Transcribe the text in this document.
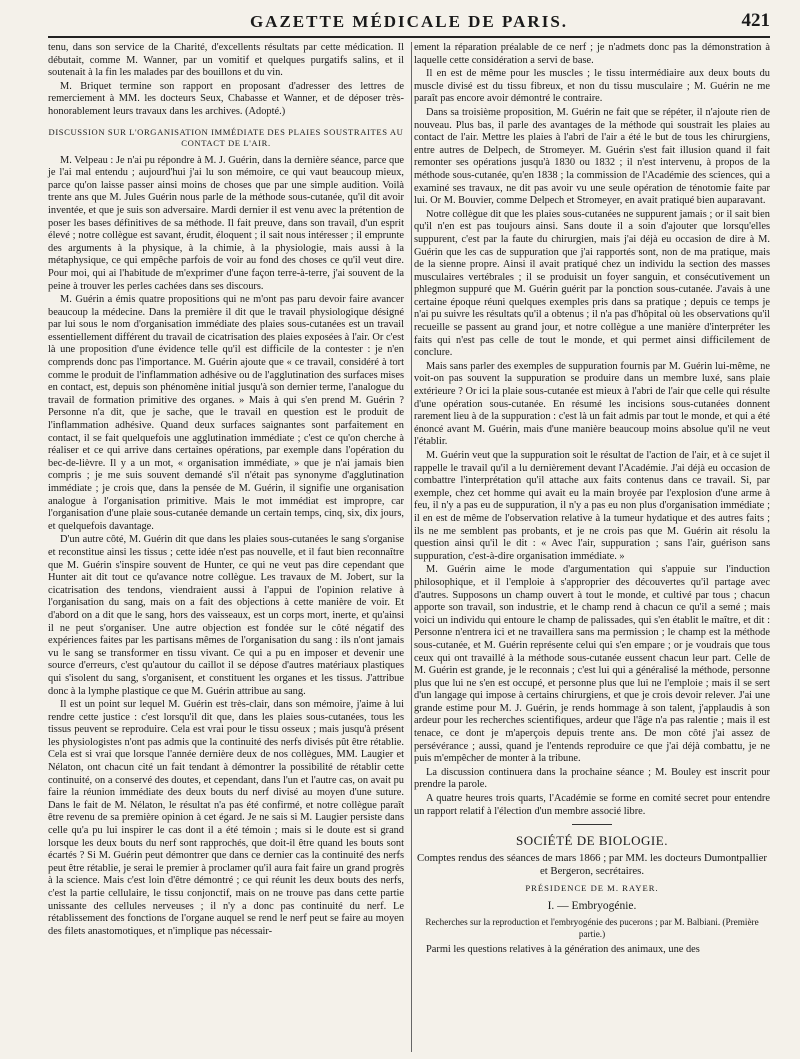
GAZETTE MÉDICALE DE PARIS.	421

tenu, dans son service de la Charité, d'excellents résultats par cette médication. Il débutait, comme M. Wanner, par un vomitif et quelques purgatifs salins, et il soutenait à la fin les malades par des bouillons et du vin.

M. Briquet termine son rapport en proposant d'adresser des lettres de remerciement à MM. les docteurs Seux, Chabasse et Wanner, et de déposer très-honorablement leurs travaux dans les archives. (Adopté.)

DISCUSSION SUR L'ORGANISATION IMMÉDIATE DES PLAIES SOUSTRAITES AU CONTACT DE L'AIR.

M. Velpeau : Je n'ai pu répondre à M. J. Guérin, dans la dernière séance, parce que je l'ai mal entendu ; aujourd'hui j'ai lu son mémoire, ce qui vaut beaucoup mieux, parce qu'on laisse passer ainsi moins de choses que par une simple audition. Voilà trente ans que M. Jules Guérin nous parle de la méthode sous-cutanée, qu'il dit avoir inventée, et que je suis son adversaire. Mardi dernier il est venu avec la prétention de poser les bases définitives de sa méthode. Il fait preuve, dans son travail, d'un esprit élevé ; notre collègue est savant, érudit, éloquent ; il sait nous intéresser ; il emprunte des arguments à la physique, à la chimie, à la physiologie, mais aussi à la métaphysique, ce qui empêche parfois de voir au fond des choses ce qu'il veut dire. Pour moi, qui ai l'habitude de m'exprimer d'une façon terre-à-terre, j'ai souvent de la peine à trouver les perles cachées dans ses discours.

M. Guérin a émis quatre propositions qui ne m'ont pas paru devoir faire avancer beaucoup la médecine. Dans la première il dit que le travail physiologique désigné par lui sous le nom d'organisation immédiate des plaies sous-cutanées est un travail essentiellement différent du travail de cicatrisation des plaies exposées à l'air. Or c'est là une proposition d'une évidence telle qu'il est difficile de la contester : je n'en comprends donc pas l'importance. M. Guérin ajoute que « ce travail, considéré à tort comme le produit de l'inflammation adhésive ou de l'agglutination des surfaces mises en contact, est, depuis son phénomène initial jusqu'à son dernier terme, l'analogue du travail de formation primitive des organes. » Mais à qui s'en prend M. Guérin ? Personne n'a dit, que je sache, que le travail en question est le produit de l'inflammation adhésive. Quand deux surfaces saignantes sont parfaitement en contact, il se fait quelquefois une agglutination immédiate ; c'est ce qu'on cherche à réaliser et ce qui arrive dans certaines opérations, par exemple dans l'opération du bec-de-lièvre. Il y a un mot, « organisation immédiate, » que je n'ai jamais bien compris ; je me suis souvent demandé s'il n'était pas synonyme d'agglutination immédiate ; je crois que, dans la pensée de M. Guérin, il signifie une organisation analogue à l'organisation primitive. Mais le mot immédiat est impropre, car l'organisation d'une plaie sous-cutanée demande un certain temps, cinq, six, dix jours, et quelquefois davantage.

D'un autre côté, M. Guérin dit que dans les plaies sous-cutanées le sang s'organise et reconstitue ainsi les tissus ; cette idée n'est pas nouvelle, et il faut bien reconnaître que M. Guérin s'inspire souvent de Hunter, ce qui ne veut pas dire cependant que Hunter ait dit tout ce qu'avance notre collègue. Les travaux de M. Jobert, sur la cicatrisation des tendons, viendraient aussi à l'appui de l'opinion relative à l'organisation du sang, mais on a fait des objections à cette manière de voir. Et d'abord on a dit que le sang, hors des vaisseaux, est un corps mort, inerte, et qu'ainsi il ne peut s'organiser. Une autre objection est fondée sur le côté négatif des expériences faites par les partisans mêmes de l'organisation du sang : ils n'ont jamais vu le sang se transformer en tissu vivant. Ce qui a pu en imposer et devenir une source d'erreurs, c'est qu'autour du caillot il se dépose d'autres matériaux plastiques qui s'isolent du sang, s'organisent, et constituent les organes et les tissus. J'attribue donc à la lymphe plastique ce que M. Guérin attribue au sang.

Il est un point sur lequel M. Guérin est très-clair, dans son mémoire, j'aime à lui rendre cette justice : c'est lorsqu'il dit que, dans les plaies sous-cutanées, tous les tissus peuvent se reproduire. Cela est vrai pour le tissu osseux ; mais jusqu'à présent les physiologistes n'ont pas admis que la continuité des nerfs divisés pût être rétablie. Cela est si vrai que lorsque l'année dernière deux de nos collègues, MM. Laugier et Nélaton, ont chacun cité un fait tendant à démontrer la possibilité de rétablir cette continuité, on a conservé des doutes, et cependant, dans l'un et l'autre cas, on avait pu faire la réunion immédiate des deux bouts du nerf divisé au moyen d'une suture. Dans le fait de M. Nélaton, le résultat n'a pas été confirmé, et notre collègue paraît être revenu de sa première opinion à cet égard. Je ne sais si M. Laugier persiste dans celle qu'a pu lui inspirer le cas dont il a été témoin ; mais si le doute est si grand lorsque les deux bouts du nerf sont rapprochés, que doit-il être quand les bouts sont écartés ? Si M. Guérin peut démontrer que dans ce dernier cas la continuité des nerfs peut être rétablie, je serai le premier à proclamer qu'il aura fait faire un grand progrès à la science. Mais c'est loin d'être démontré ; ce qui réunit les deux bouts des nerfs, c'est la partie cellulaire, le tissu conjonctif, mais on ne trouve pas dans cette partie unissante des cellules nerveuses ; il n'y a donc pas continuité du nerf. Le rétablissement des fonctions de l'organe auquel se rend le nerf peut se faire au moyen des filets anastomotiques, et n'implique pas nécessair-

ement la réparation préalable de ce nerf ; je n'admets donc pas la démonstration à laquelle cette considération a servi de base.

Il en est de même pour les muscles ; le tissu intermédiaire aux deux bouts du muscle divisé est du tissu fibreux, et non du tissu musculaire ; M. Guérin ne me paraît pas encore avoir démontré le contraire.

Dans sa troisième proposition, M. Guérin ne fait que se répéter, il n'ajoute rien de nouveau. Plus bas, il parle des avantages de la méthode qui soustrait les plaies au contact de l'air. Mettre les plaies à l'abri de l'air a été le but de tous les chirurgiens, entre autres de Delpech, de Stromeyer. M. Guérin s'est fait illusion quand il fait remonter ses opérations jusqu'à 1830 ou 1832 ; il n'est intervenu, à propos de la méthode sous-cutanée, qu'en 1838 ; la commission de l'Académie des sciences, qui a examiné ses travaux, ne dit pas avoir vu une seule opération de ténotomie faite par lui. Or M. Bouvier, comme Delpech et Stromeyer, en avait pratiqué bien auparavant.

Notre collègue dit que les plaies sous-cutanées ne suppurent jamais ; or il sait bien qu'il n'en est pas toujours ainsi. Sans doute il a soin d'ajouter que lorsqu'elles suppurent, c'est par la faute du chirurgien, mais j'ai déjà eu occasion de dire à M. Guérin que les cas de suppuration que j'ai rapportés sont, non de ma pratique, mais de la sienne propre. Ainsi il avait pratiqué chez un individu la section des masses musculaires vertébrales ; il se produisit un foyer sanguin, et consécutivement un phlegmon suppuré que M. Guérin guérit par la ponction sous-cutanée. J'avais à une certaine époque réuni quelques exemples pris dans sa pratique ; depuis ce temps je n'ai pu suivre les résultats qu'il a obtenus ; il n'a pas d'hôpital où les observations qu'il recueille se passent au grand jour, et notre collègue a une manière d'interpréter les faits qui n'est pas celle de tout le monde, et qui permet ainsi difficilement de conclure.

Mais sans parler des exemples de suppuration fournis par M. Guérin lui-même, ne voit-on pas souvent la suppuration se produire dans un membre luxé, sans plaie extérieure ? Or ici la plaie sous-cutanée est mieux à l'abri de l'air que celle qui résulte d'une opération sous-cutanée. En résumé les incisions sous-cutanées donnent rarement lieu à de la suppuration : c'est là un fait admis par tout le monde, et qui a été énoncé avant M. Guérin, mais d'une manière beaucoup moins absolue qu'il ne veut l'établir.

M. Guérin veut que la suppuration soit le résultat de l'action de l'air, et à ce sujet il rappelle le travail qu'il a lu dernièrement devant l'Académie. J'ai déjà eu occasion de combattre l'interprétation qu'il attache aux faits contenus dans ce travail. Si, par exemple, chez cet homme qui avait eu la main broyée par l'explosion d'une arme à feu, il n'y a pas eu de suppuration, il n'y a pas eu non plus d'organisation immédiate ; il en est de même de l'observation relative à la tumeur hydatique et des autres faits ; ils ne me semblent pas probants, et je ne crois pas que M. Guérin ait résolu la question ainsi qu'il le dit : « Avec l'air, suppuration ; sans l'air, guérison sans suppuration, c'est-à-dire organisation immédiate. »

M. Guérin aime le mode d'argumentation qui s'appuie sur l'induction philosophique, et il l'emploie à s'approprier des découvertes qu'il partage avec d'autres. Supposons un champ ouvert à tout le monde, et cultivé par tous ; chacun apporte son travail, son industrie, et le champ rend à chacun ce qu'il a semé ; mais voici un individu qui entoure le champ de palissades, qui s'en établit le maître, et dit : Personne n'entrera ici et ne travaillera sans ma permission ; le champ est la méthode sous-cutanée, et M. Guérin représente celui qui s'en empare ; or je voudrais que tous ceux qui ont travaillé à la méthode sous-cutanée eussent chacun leur part. Celle de M. Guérin est grande, je le reconnais ; c'est lui qui a généralisé la méthode, personne plus que lui ne s'en est occupé, et personne plus que lui ne l'emploie ; mais il se sert d'un langage qui impose à certains chirurgiens, et que je crois devoir relever. J'ai une grande estime pour M. J. Guérin, je rends hommage à son talent, j'applaudis à son ardeur pour les recherches scientifiques, ardeur que l'âge n'a pas ralentie ; mais il est tenace, ce dont je m'aperçois depuis trente ans. De mon côté j'ai assez de persévérance ; aussi, quand je l'entends reproduire ce que j'ai déjà combattu, je ne puis m'empêcher de monter à la tribune.

La discussion continuera dans la prochaine séance ; M. Bouley est inscrit pour prendre la parole.

A quatre heures trois quarts, l'Académie se forme en comité secret pour entendre un rapport relatif à l'élection d'un membre associé libre.

SOCIÉTÉ DE BIOLOGIE.
Comptes rendus des séances de mars 1866 ; par MM. les docteurs Dumontpallier et Bergeron, secrétaires.
PRÉSIDENCE DE M. RAYER.
I. — Embryogénie.
Recherches sur la reproduction et l'embryogénie des pucerons ; par M. Balbiani. (Première partie.)

Parmi les questions relatives à la génération des animaux, une des
